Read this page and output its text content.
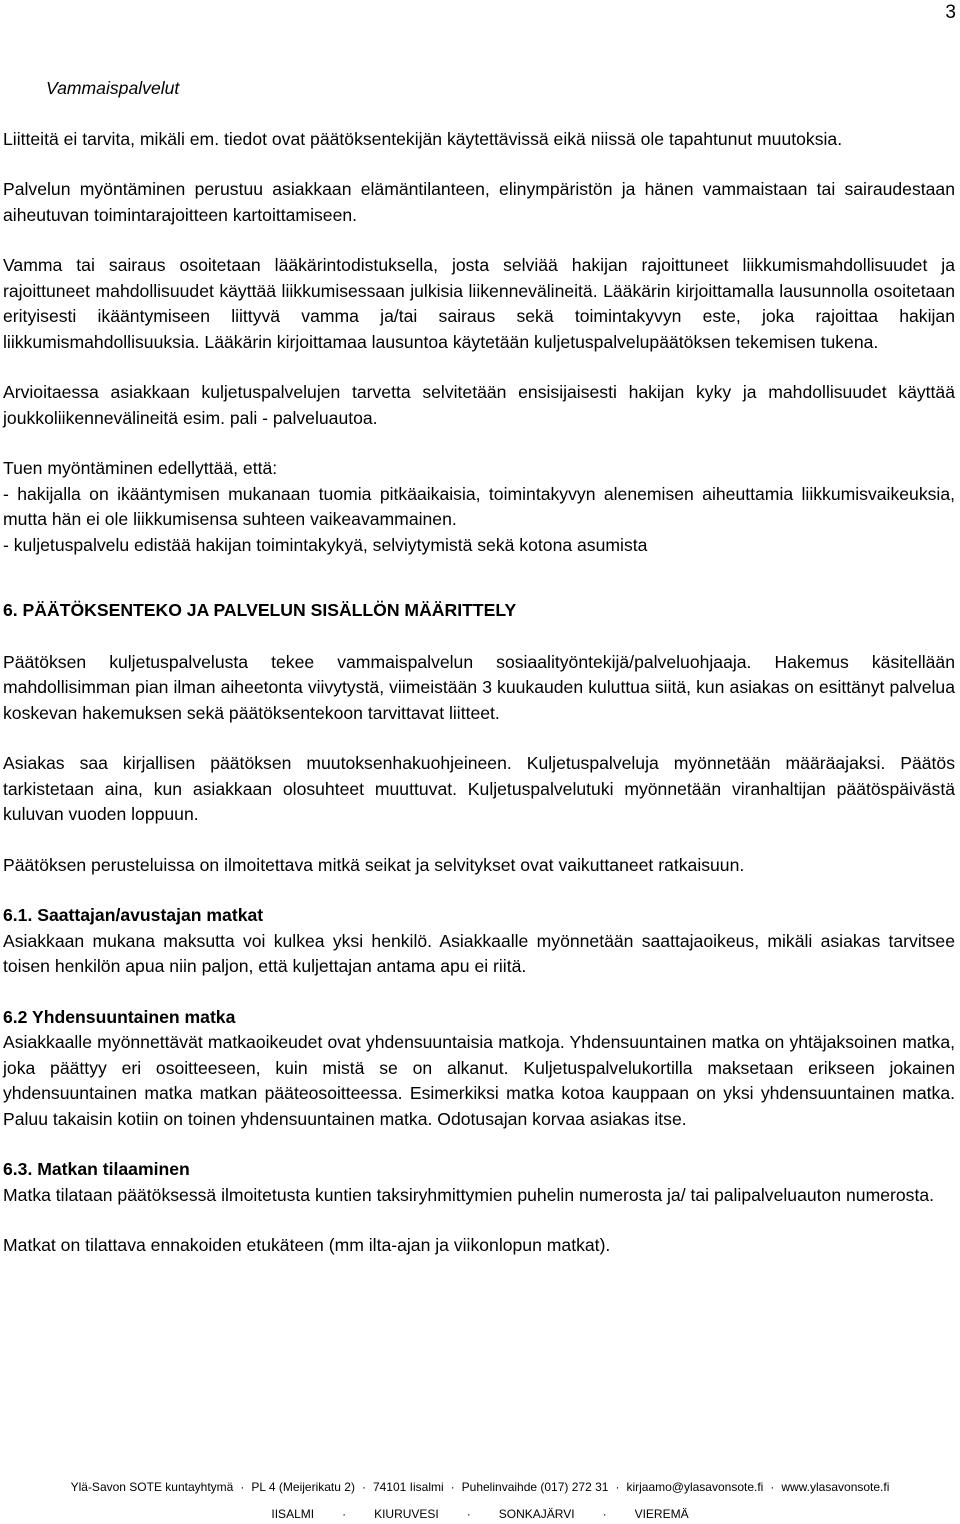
3
Vammaispalvelut

Liitteitä ei tarvita, mikäli em. tiedot ovat päätöksentekijän käytettävissä eikä niissä ole tapahtunut muutoksia.

Palvelun myöntäminen perustuu asiakkaan elämäntilanteen, elinympäristön ja hänen vammaistaan tai sairaudestaan aiheutuvan toimintarajoitteen kartoittamiseen.

Vamma tai sairaus osoitetaan lääkärintodistuksella, josta selviää hakijan rajoittuneet liikkumismahdollisuudet ja rajoittuneet mahdollisuudet käyttää liikkumisessaan julkisia liikennevälineitä. Lääkärin kirjoittamalla lausunnolla osoitetaan erityisesti ikääntymiseen liittyvä vamma ja/tai sairaus sekä toimintakyvyn este, joka rajoittaa hakijan liikkumismahdollisuuksia. Lääkärin kirjoittamaa lausuntoa käytetään kuljetuspalvelupäätöksen tekemisen tukena.

Arvioitaessa asiakkaan kuljetuspalvelujen tarvetta selvitetään ensisijaisesti hakijan kyky ja mahdollisuudet käyttää joukkoliikennevälineitä esim. pali - palveluautoa.

Tuen myöntäminen edellyttää, että:

- hakijalla on ikääntymisen mukanaan tuomia pitkäaikaisia, toimintakyvyn alenemisen aiheuttamia liikkumisvaikeuksia, mutta hän ei ole liikkumisensa suhteen vaikeavammainen.

- kuljetuspalvelu edistää hakijan toimintakykyä, selviytymistä sekä kotona asumista

6. PÄÄTÖKSENTEKO JA PALVELUN SISÄLLÖN MÄÄRITTELY

Päätöksen kuljetuspalvelusta tekee vammaispalvelun sosiaalityöntekijä/palveluohjaaja. Hakemus käsitellään mahdollisimman pian ilman aiheetonta viivytystä, viimeistään 3 kuukauden kuluttua siitä, kun asiakas on esittänyt palvelua koskevan hakemuksen sekä päätöksentekoon tarvittavat liitteet.

Asiakas saa kirjallisen päätöksen muutoksenhakuohjeineen. Kuljetuspalveluja myönnetään määräajaksi. Päätös tarkistetaan aina, kun asiakkaan olosuhteet muuttuvat. Kuljetuspalvelutuki myönnetään viranhaltijan päätöspäivästä kuluvan vuoden loppuun.

Päätöksen perusteluissa on ilmoitettava mitkä seikat ja selvitykset ovat vaikuttaneet ratkaisuun.

6.1. Saattajan/avustajan matkat

Asiakkaan mukana maksutta voi kulkea yksi henkilö. Asiakkaalle myönnetään saattajaoikeus, mikäli asiakas tarvitsee toisen henkilön apua niin paljon, että kuljettajan antama apu ei riitä.

6.2 Yhdensuuntainen matka

Asiakkaalle myönnettävät matkaoikeudet ovat yhdensuuntaisia matkoja. Yhdensuuntainen matka on yhtäjaksoinen matka, joka päättyy eri osoitteeseen, kuin mistä se on alkanut. Kuljetuspalvelukortilla maksetaan erikseen jokainen yhdensuuntainen matka matkan pääteosoitteessa. Esimerkiksi matka kotoa kauppaan on yksi yhdensuuntainen matka. Paluu takaisin kotiin on toinen yhdensuuntainen matka. Odotusajan korvaa asiakas itse.

6.3. Matkan tilaaminen

Matka tilataan päätöksessä ilmoitetusta kuntien taksiryhmittymien puhelin numerosta ja/ tai palipalveluauton numerosta.

Matkat on tilattava ennakoiden etukäteen (mm ilta-ajan ja viikonlopun matkat).

Ylä-Savon SOTE kuntayhtymä · PL 4 (Meijerikatu 2) · 74101 Iisalmi · Puhelinvaihde (017) 272 31 · kirjaamo@ylasavonsote.fi · www.ylasavonsote.fi
IISALMI · KIURUVESI · SONKAJÄRVI · VIEREMÄ
